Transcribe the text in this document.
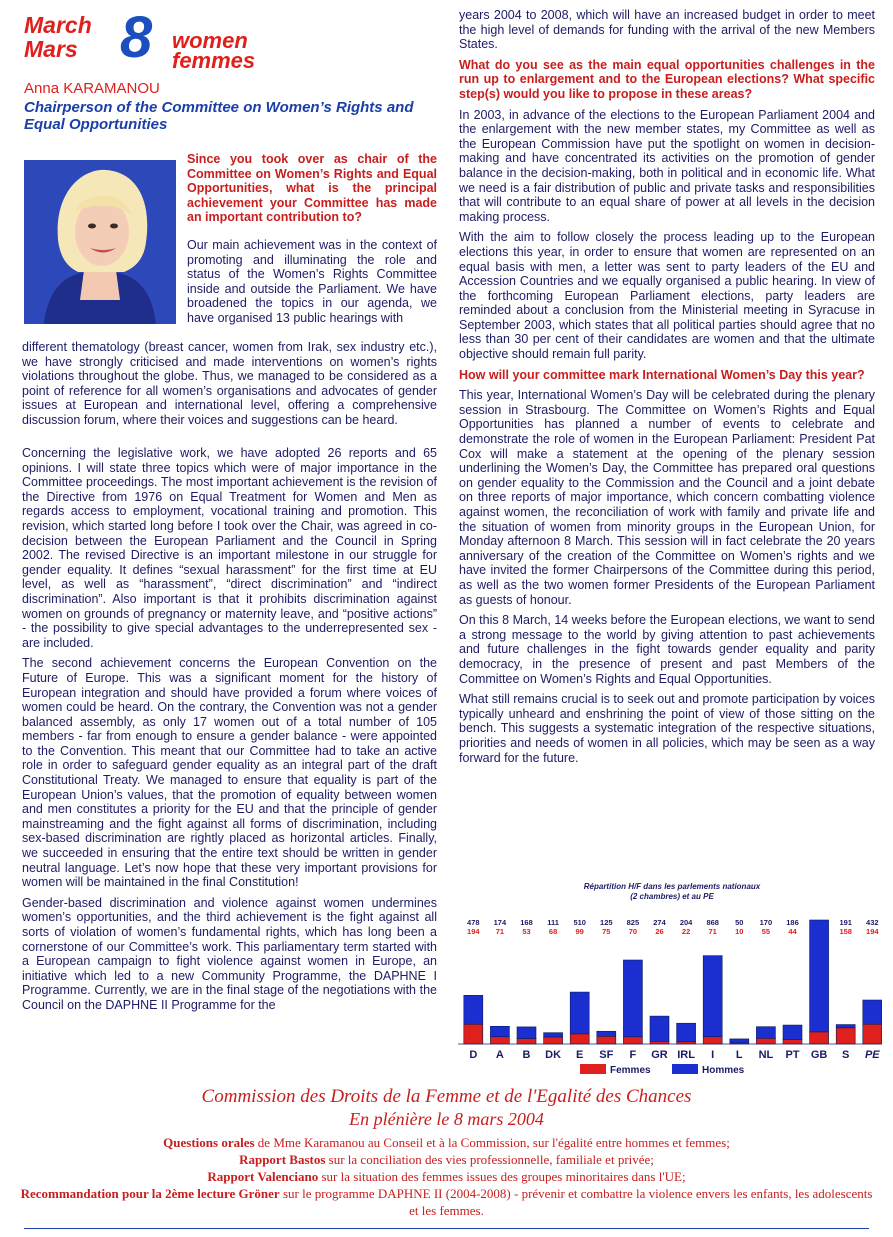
March
Mars 8 women
femmes
Anna KARAMANOU
Chairperson of the Committee on Women’s Rights and Equal Opportunities
Since you took over as chair of the Committee on Women’s Rights and Equal Opportunities, what is the principal achievement your Committee has made an important contribution to?
Our main achievement was in the context of promoting and illuminating the role and status of the Women’s Rights Committee inside and outside the Parliament. We have broadened the topics in our agenda, we have organised 13 public hearings with
different thematology (breast cancer, women from Irak, sex industry etc.), we have strongly criticised and made interventions on women’s rights violations throughout the globe. Thus, we managed to be considered as a point of reference for all women’s organisations and advocates of gender issues at European and international level, offering a comprehensive discussion forum, where their voices and suggestions can be heard.

Concerning the legislative work, we have adopted 26 reports and 65 opinions. I will state three topics which were of major importance in the Committee proceedings. The most important achievement is the revision of the Directive from 1976 on Equal Treatment for Women and Men as regards access to employment, vocational training and promotion. This revision, which started long before I took over the Chair, was agreed in co-decision between the European Parliament and the Council in Spring 2002. The revised Directive is an important milestone in our struggle for gender equality. It defines “sexual harassment” for the first time at EU level, as well as “harassment”, “direct discrimination” and “indirect discrimination”. Also important is that it prohibits discrimination against women on grounds of pregnancy or maternity leave, and “positive actions” - the possibility to give special advantages to the underrepresented sex - are included.

The second achievement concerns the European Convention on the Future of Europe. This was a significant moment for the history of European integration and should have provided a forum where voices of women could be heard. On the contrary, the Convention was not a gender balanced assembly, as only 17 women out of a total number of 105 members - far from enough to ensure a gender balance - were appointed to the Convention. This meant that our Committee had to take an active role in order to safeguard gender equality as an integral part of the draft Constitutional Treaty. We managed to ensure that equality is part of the European Union’s values, that the promotion of equality between women and men constitutes a priority for the EU and that the principle of gender mainstreaming and the fight against all forms of discrimination, including sex-based discrimination are rightly placed as horizontal articles. Finally, we succeeded in ensuring that the entire text should be written in gender neutral language. Let’s now hope that these very important provisions for women will be maintained in the final Constitution!

Gender-based discrimination and violence against women undermines women’s opportunities, and the third achievement is the fight against all sorts of violation of women’s fundamental rights, which has long been a cornerstone of our Committee’s work. This parliamentary term started with a European campaign to fight violence against women in Europe, an initiative which led to a new Community Programme, the DAPHNE I Programme. Currently, we are in the final stage of the negotiations with the Council on the DAPHNE II Programme for the

years 2004 to 2008, which will have an increased budget in order to meet the high level of demands for funding with the arrival of the new Members States.

What do you see as the main equal opportunities challenges in the run up to enlargement and to the European elections? What specific step(s) would you like to propose in these areas?

In 2003, in advance of the elections to the European Parliament 2004 and the enlargement with the new member states, my Committee as well as the European Commission have put the spotlight on women in decision-making and have concentrated its activities on the promotion of gender balance in the decision-making, both in political and in economic life. What we need is a fair distribution of public and private tasks and responsibilities that will contribute to an equal share of power at all levels in the decision making process.

With the aim to follow closely the process leading up to the European elections this year, in order to ensure that women are represented on an equal basis with men, a letter was sent to party leaders of the EU and Accession Countries and we equally organised a public hearing. In view of the forthcoming European Parliament elections, party leaders are reminded about a conclusion from the Ministerial meeting in Syracuse in September 2003, which states that all political parties should agree that no less than 30 per cent of their candidates are women and that the ultimate objective should remain full parity.

How will your committee mark International Women’s Day this year?

This year, International Women’s Day will be celebrated during the plenary session in Strasbourg. The Committee on Women’s Rights and Equal Opportunities has planned a number of events to celebrate and demonstrate the role of women in the European Parliament: President Pat Cox will make a statement at the opening of the plenary session underlining the Women’s Day, the Committee has prepared oral questions on gender equality to the Commission and the Council and a joint debate on three reports of major importance, which concern combatting violence against women, the reconciliation of work with family and private life and the situation of women from minority groups in the European Union, for Monday afternoon 8 March. This session will in fact celebrate the 20 years anniversary of the creation of the Committee on Women’s rights and we have invited the former Chairpersons of the Committee during this period, as well as the two women former Presidents of the European Parliament as guests of honour.

On this 8 March, 14 weeks before the European elections, we want to send a strong message to the world by giving attention to past achievements and future challenges in the fight towards gender equality and parity democracy, in the presence of present and past Members of the Committee on Women’s Rights and Equal Opportunities.

What still remains crucial is to seek out and promote participation by voices typically unheard and enshrining the point of view of those sitting on the bench. This suggests a systematic integration of the respective situations, priorities and needs of women in all policies, which may be seen as a way forward for the future.

Répartition H/F dans les parlements nationaux
(2 chambres) et au PE
478
194
D
174
71
A
168
53
B
111
68
DK
510
99
E
125
75
SF
825
70
F
274
26
GR
204
22
IRL
868
71
I
50
10
L
170
55
NL
186
44
PT GB
191
158
S
432
194
PE
Femmes	Hommes
Commission des Droits de la Femme et de l'Egalité des Chances
En plénière le 8 mars 2004
Questions orales de Mme Karamanou au Conseil et à la Commission, sur l'égalité entre hommes et femmes;
Rapport Bastos sur la conciliation des vies professionnelle, familiale et privée;
Rapport Valenciano sur la situation des femmes issues des groupes minoritaires dans l'UE;
Recommandation pour la 2ème lecture Gröner sur le programme DAPHNE II (2004-2008) - prévenir et combattre la violence envers les enfants, les adolescents et les femmes.
